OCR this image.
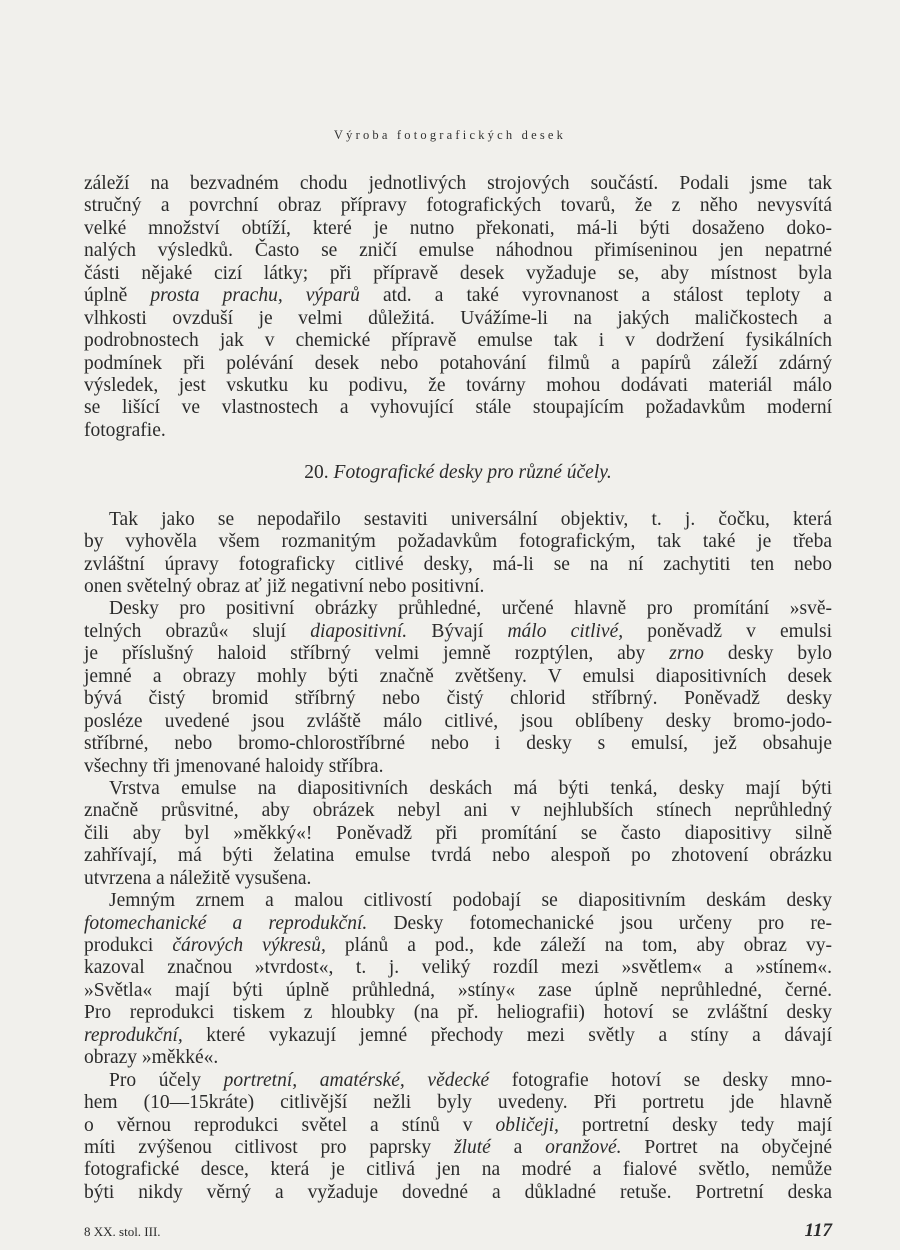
Výroba fotografických desek
záleží na bezvadném chodu jednotlivých strojových součástí. Podali jsme tak
stručný a povrchní obraz přípravy fotografických tovarů, že z něho nevysvítá
velké množství obtíží, které je nutno překonati, má-li býti dosaženo doko-
nalých výsledků. Často se zničí emulse náhodnou přimíseninou jen nepatrné
části nějaké cizí látky; při přípravě desek vyžaduje se, aby místnost byla
úplně prosta prachu, výparů atd. a také vyrovnanost a stálost teploty a
vlhkosti ovzduší je velmi důležitá. Uvážíme-li na jakých maličkostech a
podrobnostech jak v chemické přípravě emulse tak i v dodržení fysikálních
podmínek při polévání desek nebo potahování filmů a papírů záleží zdárný
výsledek, jest vskutku ku podivu, že továrny mohou dodávati materiál málo
se lišící ve vlastnostech a vyhovující stále stoupajícím požadavkům moderní
fotografie.
20. Fotografické desky pro různé účely.
Tak jako se nepodařilo sestaviti universální objektiv, t. j. čočku, která
by vyhověla všem rozmanitým požadavkům fotografickým, tak také je třeba
zvláštní úpravy fotograficky citlivé desky, má-li se na ní zachytiti ten nebo
onen světelný obraz ať již negativní nebo positivní.
Desky pro positivní obrázky průhledné, určené hlavně pro promítání »svě-
telných obrazů« slují diapositivní. Bývají málo citlivé, poněvadž v emulsi
je příslušný haloid stříbrný velmi jemně rozptýlen, aby zrno desky bylo
jemné a obrazy mohly býti značně zvětšeny. V emulsi diapositivních desek
bývá čistý bromid stříbrný nebo čistý chlorid stříbrný. Poněvadž desky
posléze uvedené jsou zvláště málo citlivé, jsou oblíbeny desky bromo-jodo-
stříbrné, nebo bromo-chlorostříbrné nebo i desky s emulsí, jež obsahuje
všechny tři jmenované haloidy stříbra.
Vrstva emulse na diapositivních deskách má býti tenká, desky mají býti
značně průsvitné, aby obrázek nebyl ani v nejhlubších stínech neprůhledný
čili aby byl »měkký«! Poněvadž při promítání se často diapositivy silně
zahřívají, má býti želatina emulse tvrdá nebo alespoň po zhotovení obrázku
utvrzena a náležitě vysušena.
Jemným zrnem a malou citlivostí podobají se diapositivním deskám desky
fotomechanické a reprodukční. Desky fotomechanické jsou určeny pro re-
produkci čárových výkresů, plánů a pod., kde záleží na tom, aby obraz vy-
kazoval značnou »tvrdost«, t. j. veliký rozdíl mezi »světlem« a »stínem«.
»Světla« mají býti úplně průhledná, »stíny« zase úplně neprůhledné, černé.
Pro reprodukci tiskem z hloubky (na př. heliografii) hotoví se zvláštní desky
reprodukční, které vykazují jemné přechody mezi světly a stíny a dávají
obrazy »měkké«.
Pro účely portretní, amatérské, vědecké fotografie hotoví se desky mno-
hem (10—15kráte) citlivější nežli byly uvedeny. Při portretu jde hlavně
o věrnou reprodukci světel a stínů v obličeji, portretní desky tedy mají
míti zvýšenou citlivost pro paprsky žluté a oranžové. Portret na obyčejné
fotografické desce, která je citlivá jen na modré a fialové světlo, nemůže
býti nikdy věrný a vyžaduje dovedné a důkladné retuše. Portretní deska
8 XX. stol. III.	117
